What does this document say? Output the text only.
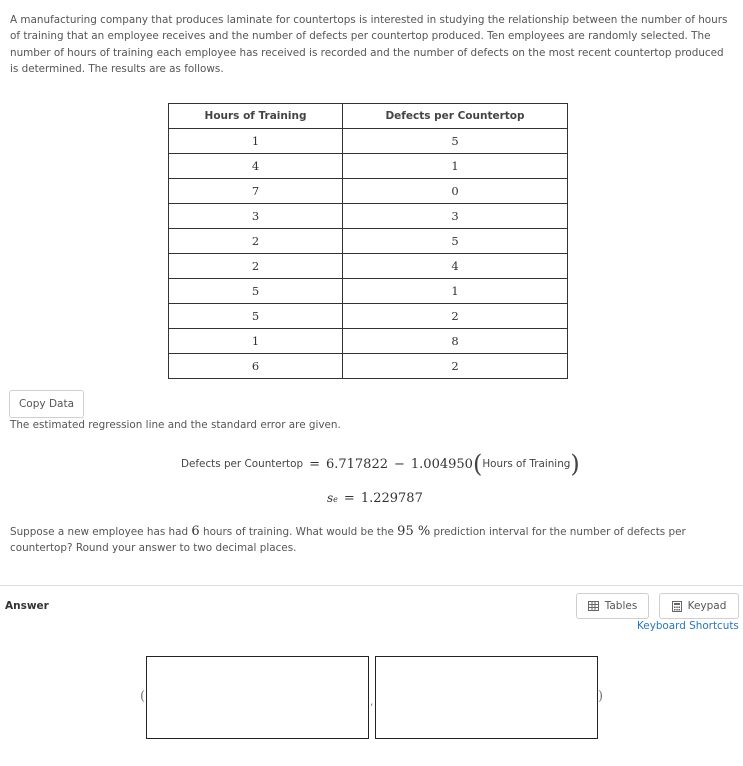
A manufacturing company that produces laminate for countertops is interested in studying the relationship between the number of hours of training that an employee receives and the number of defects per countertop produced. Ten employees are randomly selected. The number of hours of training each employee has received is recorded and the number of defects on the most recent countertop produced is determined. The results are as follows.

Hours of Training	Defects per Countertop
1	5
4	1
7	0
3	3
2	5
2	4
5	1
5	2
1	8
6	2
Copy Data

The estimated regression line and the standard error are given.

Defects per Countertop = 6.717822 − 1.004950 ( Hours of Training )
s e = 1.229787

Suppose a new employee has had 6 hours of training. What would be the 95 % prediction interval for the number of defects per countertop? Round your answer to two decimal places.

Answer	Tables	Keypad
Keyboard Shortcuts
(	,	)
